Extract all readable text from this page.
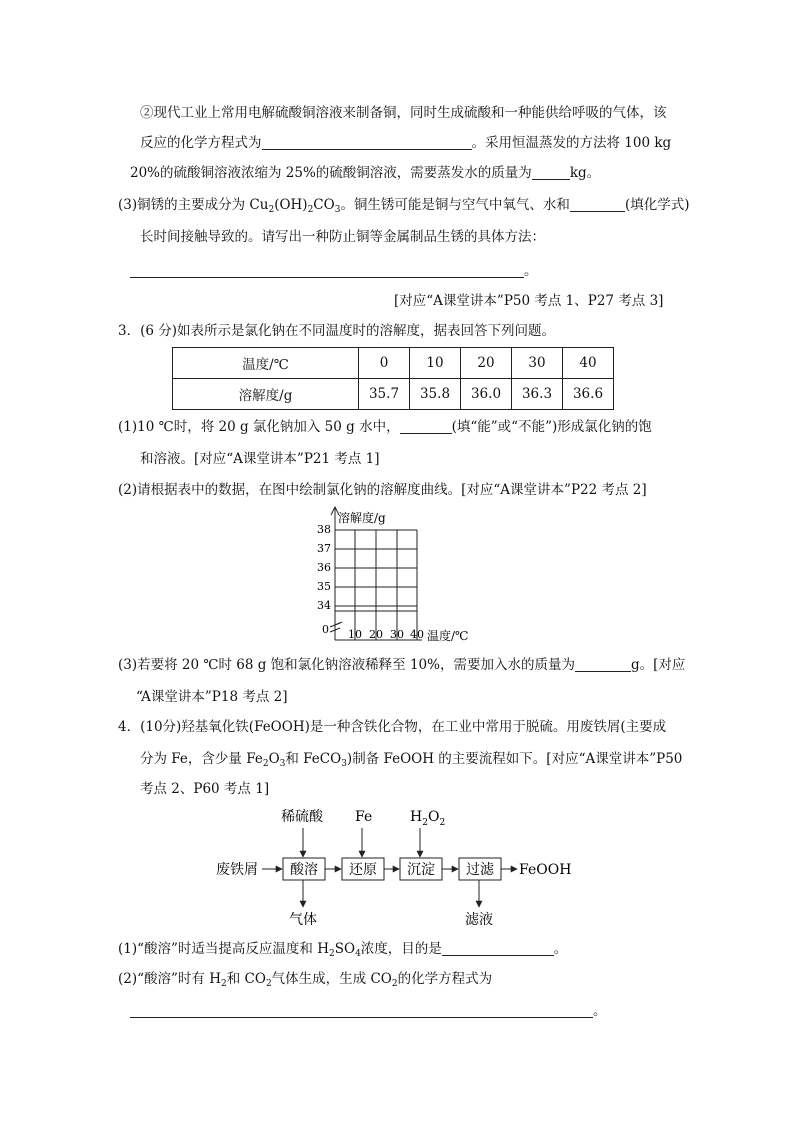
②现代工业上常用电解硫酸铜溶液来制备铜，同时生成硫酸和一种能供给呼吸的气体，该
反应的化学方程式为	。采用恒温蒸发的方法将 100 kg
20%的硫酸铜溶液浓缩为 25%的硫酸铜溶液，需要蒸发水的质量为	kg。
(3)铜锈的主要成分为 $Cu_2(OH)_2CO_3$。铜生锈可能是铜与空气中氧气、水和	(填化学式)
长时间接触导致的。请写出一种防止铜等金属制品生锈的具体方法：
。
[对应“A课堂讲本”P50 考点 1、P27 考点 3]
3．(6 分)如表所示是氯化钠在不同温度时的溶解度，据表回答下列问题。
温度/℃	0	10	20	30	40
溶解度/g	35.7	35.8	36.0	36.3	36.6
(1)10 ℃时，将 20 g 氯化钠加入 50 g 水中，	(填“能”或“不能”)形成氯化钠的饱
和溶液。[对应“A课堂讲本”P21 考点 1]
(2)请根据表中的数据，在图中绘制氯化钠的溶解度曲线。[对应“A课堂讲本”P22 考点 2]
溶解度/g
温度/℃
0
34
35
36
37
38
10 20 30 40
(3)若要将 20 ℃时 68 g 饱和氯化钠溶液稀释至 10%，需要加入水的质量为	g。[对应
“A课堂讲本”P18 考点 2]
4．(10分)羟基氧化铁(FeOOH)是一种含铁化合物，在工业中常用于脱硫。用废铁屑(主要成
分为 Fe，含少量 $Fe_2O_3$和 FeCO$_3$)制备 FeOOH 的主要流程如下。[对应“A课堂讲本”P50
考点 2、P60 考点 1]
稀硫酸 Fe	$H_2O_2$
废铁屑 酸溶 还原 沉淀 过滤 FeOOH
气体	滤液
(1)“酸溶”时适当提高反应温度和 $H_2SO_4$浓度，目的是	。
(2)“酸溶”时有 $H_2$和 $CO_2$气体生成，生成 $CO_2$的化学方程式为
。
